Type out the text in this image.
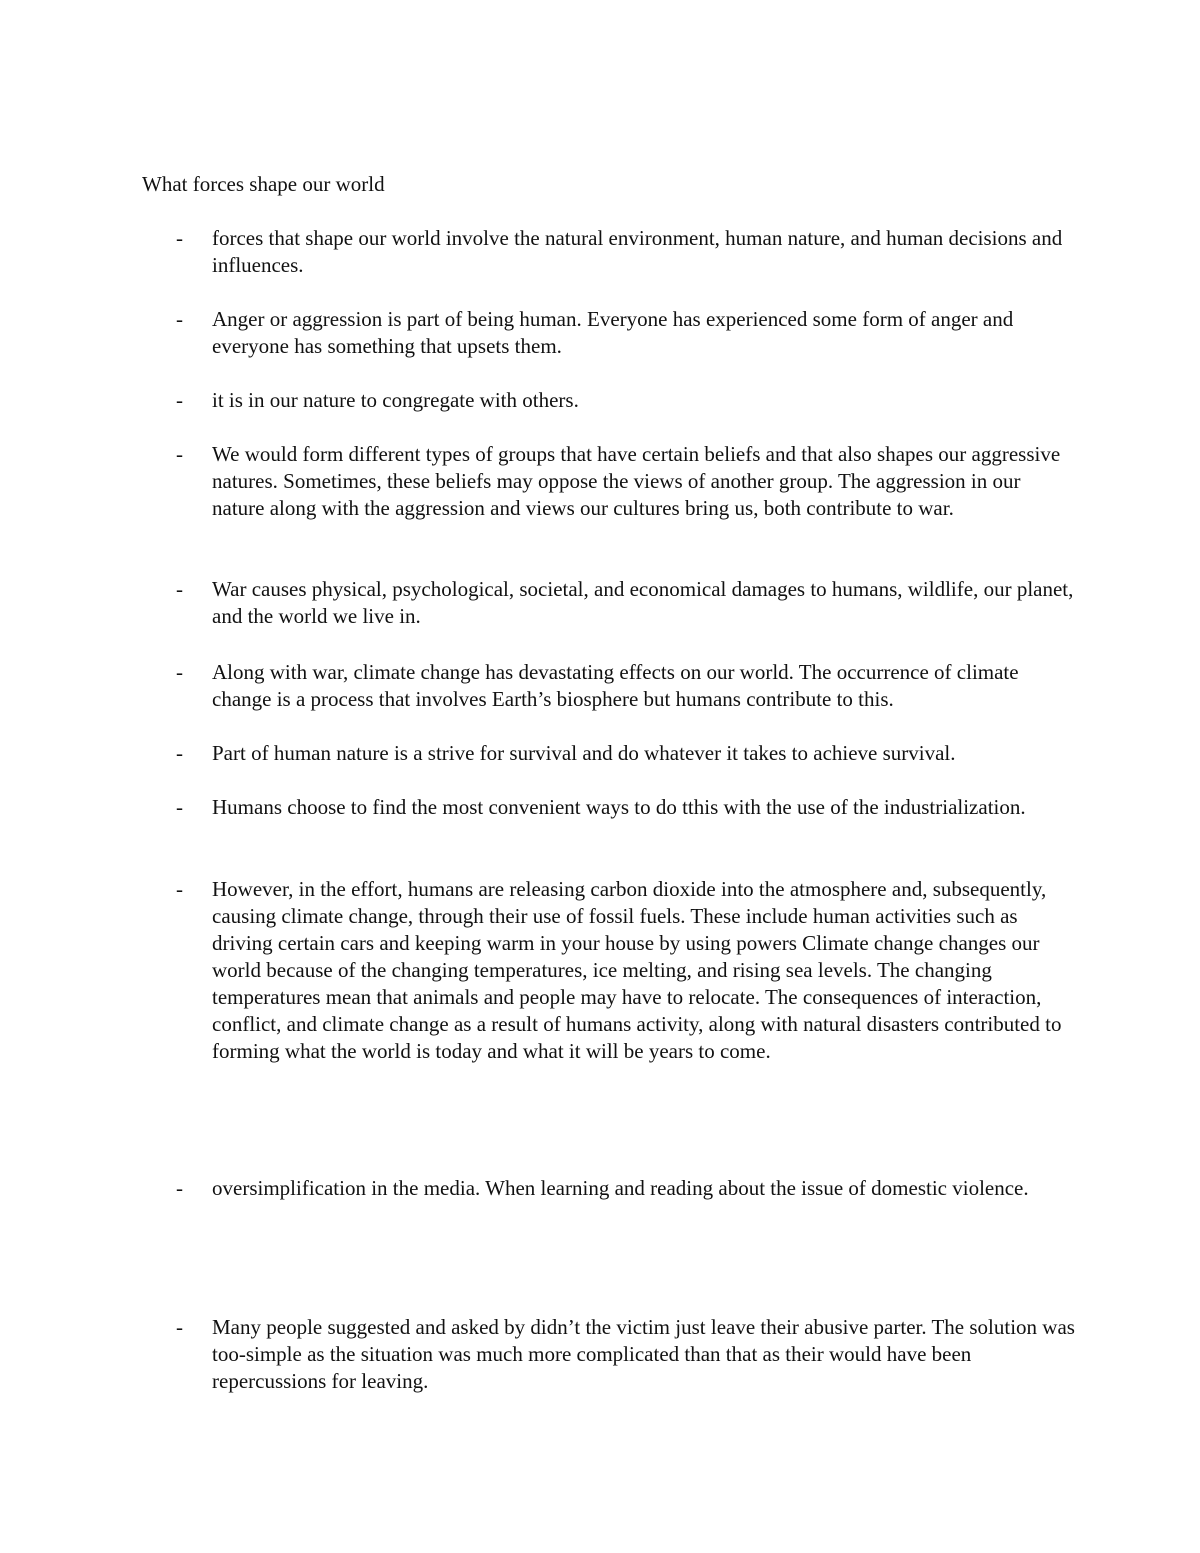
What forces shape our world
-	forces that shape our world involve the natural environment, human nature, and human decisions and influences.
-	Anger or aggression is part of being human. Everyone has experienced some form of anger and everyone has something that upsets them.
-	it is in our nature to congregate with others.
-	We would form different types of groups that have certain beliefs and that also shapes our aggressive natures. Sometimes, these beliefs may oppose the views of another group. The aggression in our nature along with the aggression and views our cultures bring us, both contribute to war.
-	War causes physical, psychological, societal, and economical damages to humans, wildlife, our planet, and the world we live in.
-	Along with war, climate change has devastating effects on our world. The occurrence of climate change is a process that involves Earth’s biosphere but humans contribute to this.
-	Part of human nature is a strive for survival and do whatever it takes to achieve survival.
-	Humans choose to find the most convenient ways to do tthis with the use of the industrialization.
-	However, in the effort, humans are releasing carbon dioxide into the atmosphere and, subsequently, causing climate change, through their use of fossil fuels. These include human activities such as driving certain cars and keeping warm in your house by using powers Climate change changes our world because of the changing temperatures, ice melting, and rising sea levels. The changing temperatures mean that animals and people may have to relocate. The consequences of interaction, conflict, and climate change as a result of humans activity, along with natural disasters contributed to forming what the world is today and what it will be years to come.
-	oversimplification in the media. When learning and reading about the issue of domestic violence.
-	Many people suggested and asked by didn’t the victim just leave their abusive parter. The solution was too-simple as the situation was much more complicated than that as their would have been repercussions for leaving.
